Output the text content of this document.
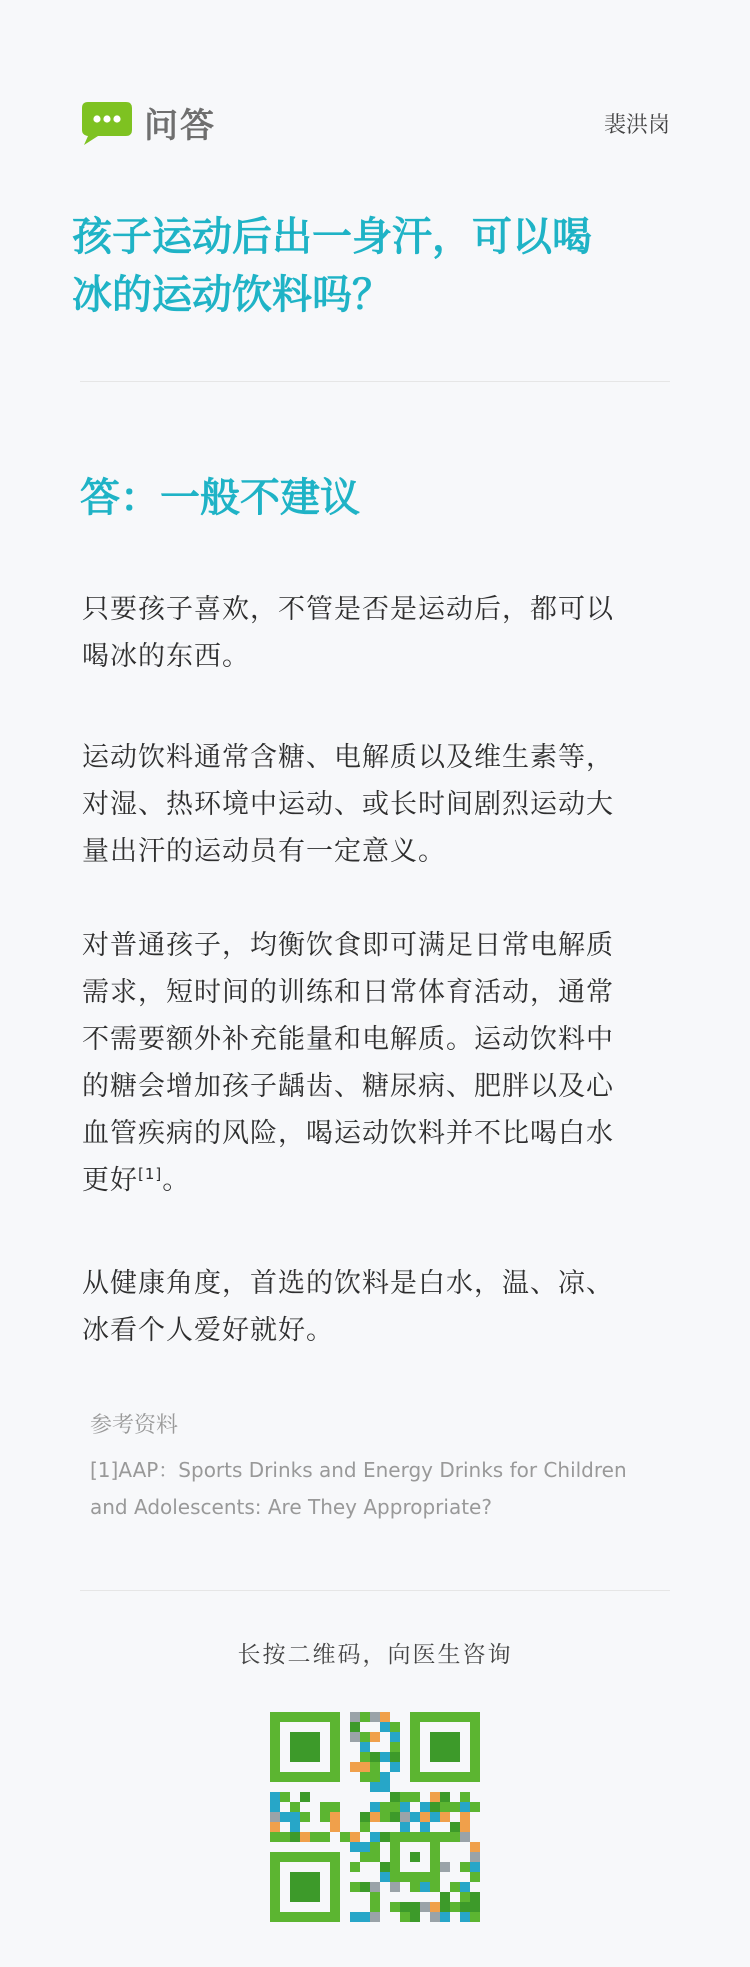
问答	裴洪岗
孩子运动后出一身汗，可以喝
冰的运动饮料吗？
答：一般不建议

只要孩子喜欢，不管是否是运动后，都可以
喝冰的东西。

运动饮料通常含糖、电解质以及维生素等，
对湿、热环境中运动、或长时间剧烈运动大
量出汗的运动员有一定意义。

对普通孩子，均衡饮食即可满足日常电解质
需求，短时间的训练和日常体育活动，通常
不需要额外补充能量和电解质。运动饮料中
的糖会增加孩子龋齿、糖尿病、肥胖以及心
血管疾病的风险，喝运动饮料并不比喝白水
更好[1]。

从健康角度，首选的饮料是白水，温、凉、
冰看个人爱好就好。

参考资料
[1]AAP：Sports Drinks and Energy Drinks for Children
and Adolescents: Are They Appropriate?
长按二维码，向医生咨询
